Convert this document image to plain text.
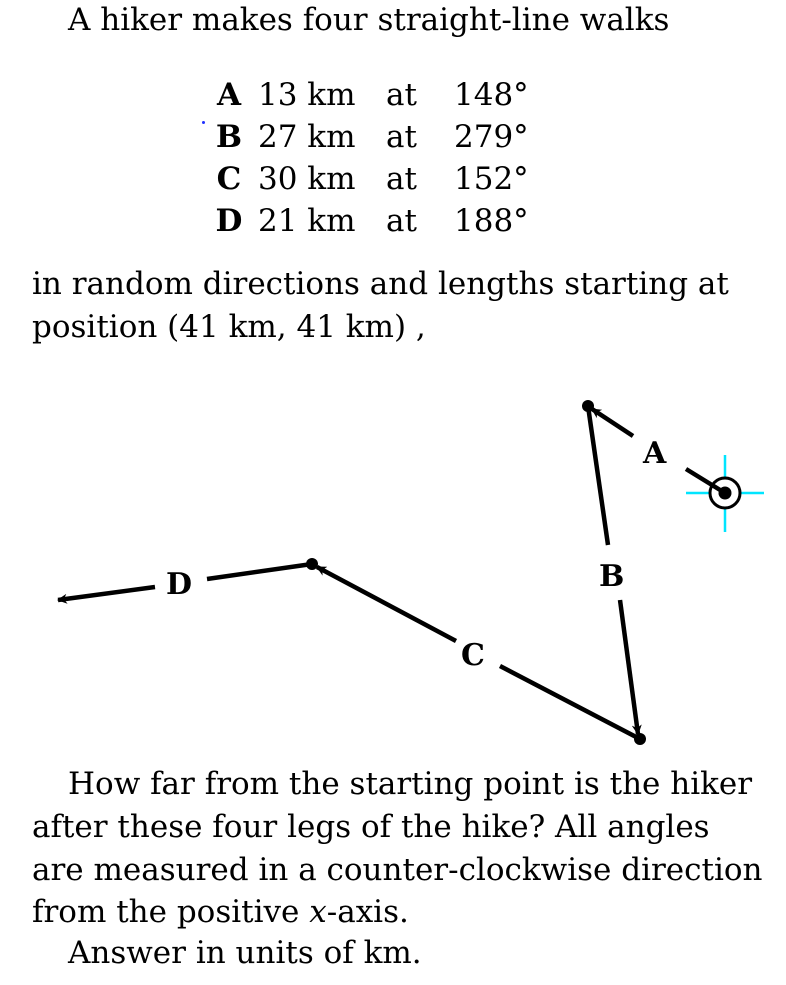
A hiker makes four straight-line walks
A	13 km	at	148°
B	27 km	at	279°
C	30 km	at	152°
D	21 km	at	188°
in random directions and lengths starting at
position (41 km, 41 km) ,
A
B
C
D
How far from the starting point is the hiker
after these four legs of the hike? All angles
are measured in a counter-clockwise direction
from the positive x-axis.
Answer in units of km.
